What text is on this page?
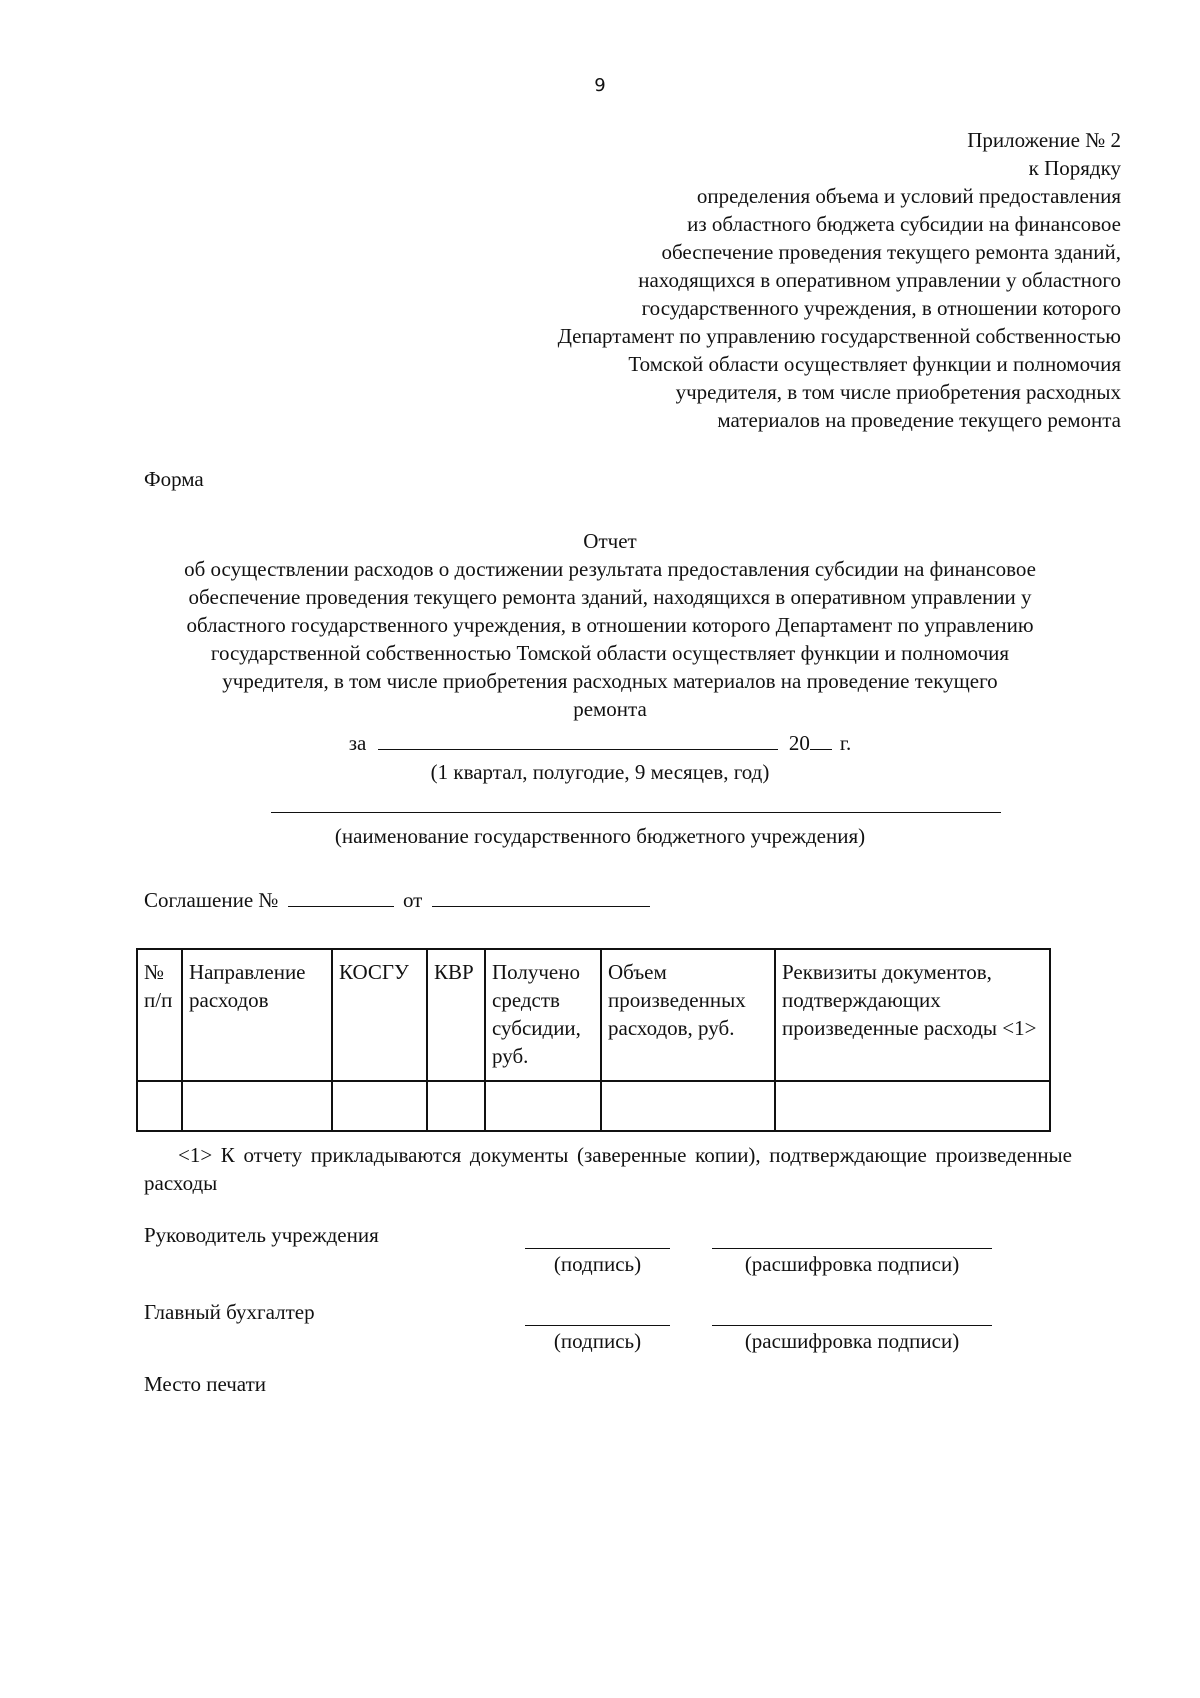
9
Приложение № 2
к Порядку
определения объема и условий предоставления
из областного бюджета субсидии на финансовое
обеспечение проведения текущего ремонта зданий,
находящихся в оперативном управлении у областного
государственного учреждения, в отношении которого
Департамент по управлению государственной собственностью
Томской области осуществляет функции и полномочия
учредителя, в том числе приобретения расходных
материалов на проведение текущего ремонта
Форма
Отчет
об осуществлении расходов о достижении результата предоставления субсидии на финансовое
обеспечение проведения текущего ремонта зданий, находящихся в оперативном управлении у
областного государственного учреждения, в отношении которого Департамент по управлению
государственной собственностью Томской области осуществляет функции и полномочия
учредителя, в том числе приобретения расходных материалов на проведение текущего
ремонта
за	20 г.
(1 квартал, полугодие, 9 месяцев, год)
(наименование государственного бюджетного учреждения)
Соглашение №	от
№ п/п	Направление расходов	КОСГУ	КВР	Получено средств субсидии, руб.	Объем произведенных расходов, руб.	Реквизиты документов, подтверждающих произведенные расходы <1>

<1> К отчету прикладываются документы (заверенные копии), подтверждающие произведенные расходы
Руководитель учреждения
(подпись)	(расшифровка подписи)
Главный бухгалтер
(подпись)	(расшифровка подписи)
Место печати
